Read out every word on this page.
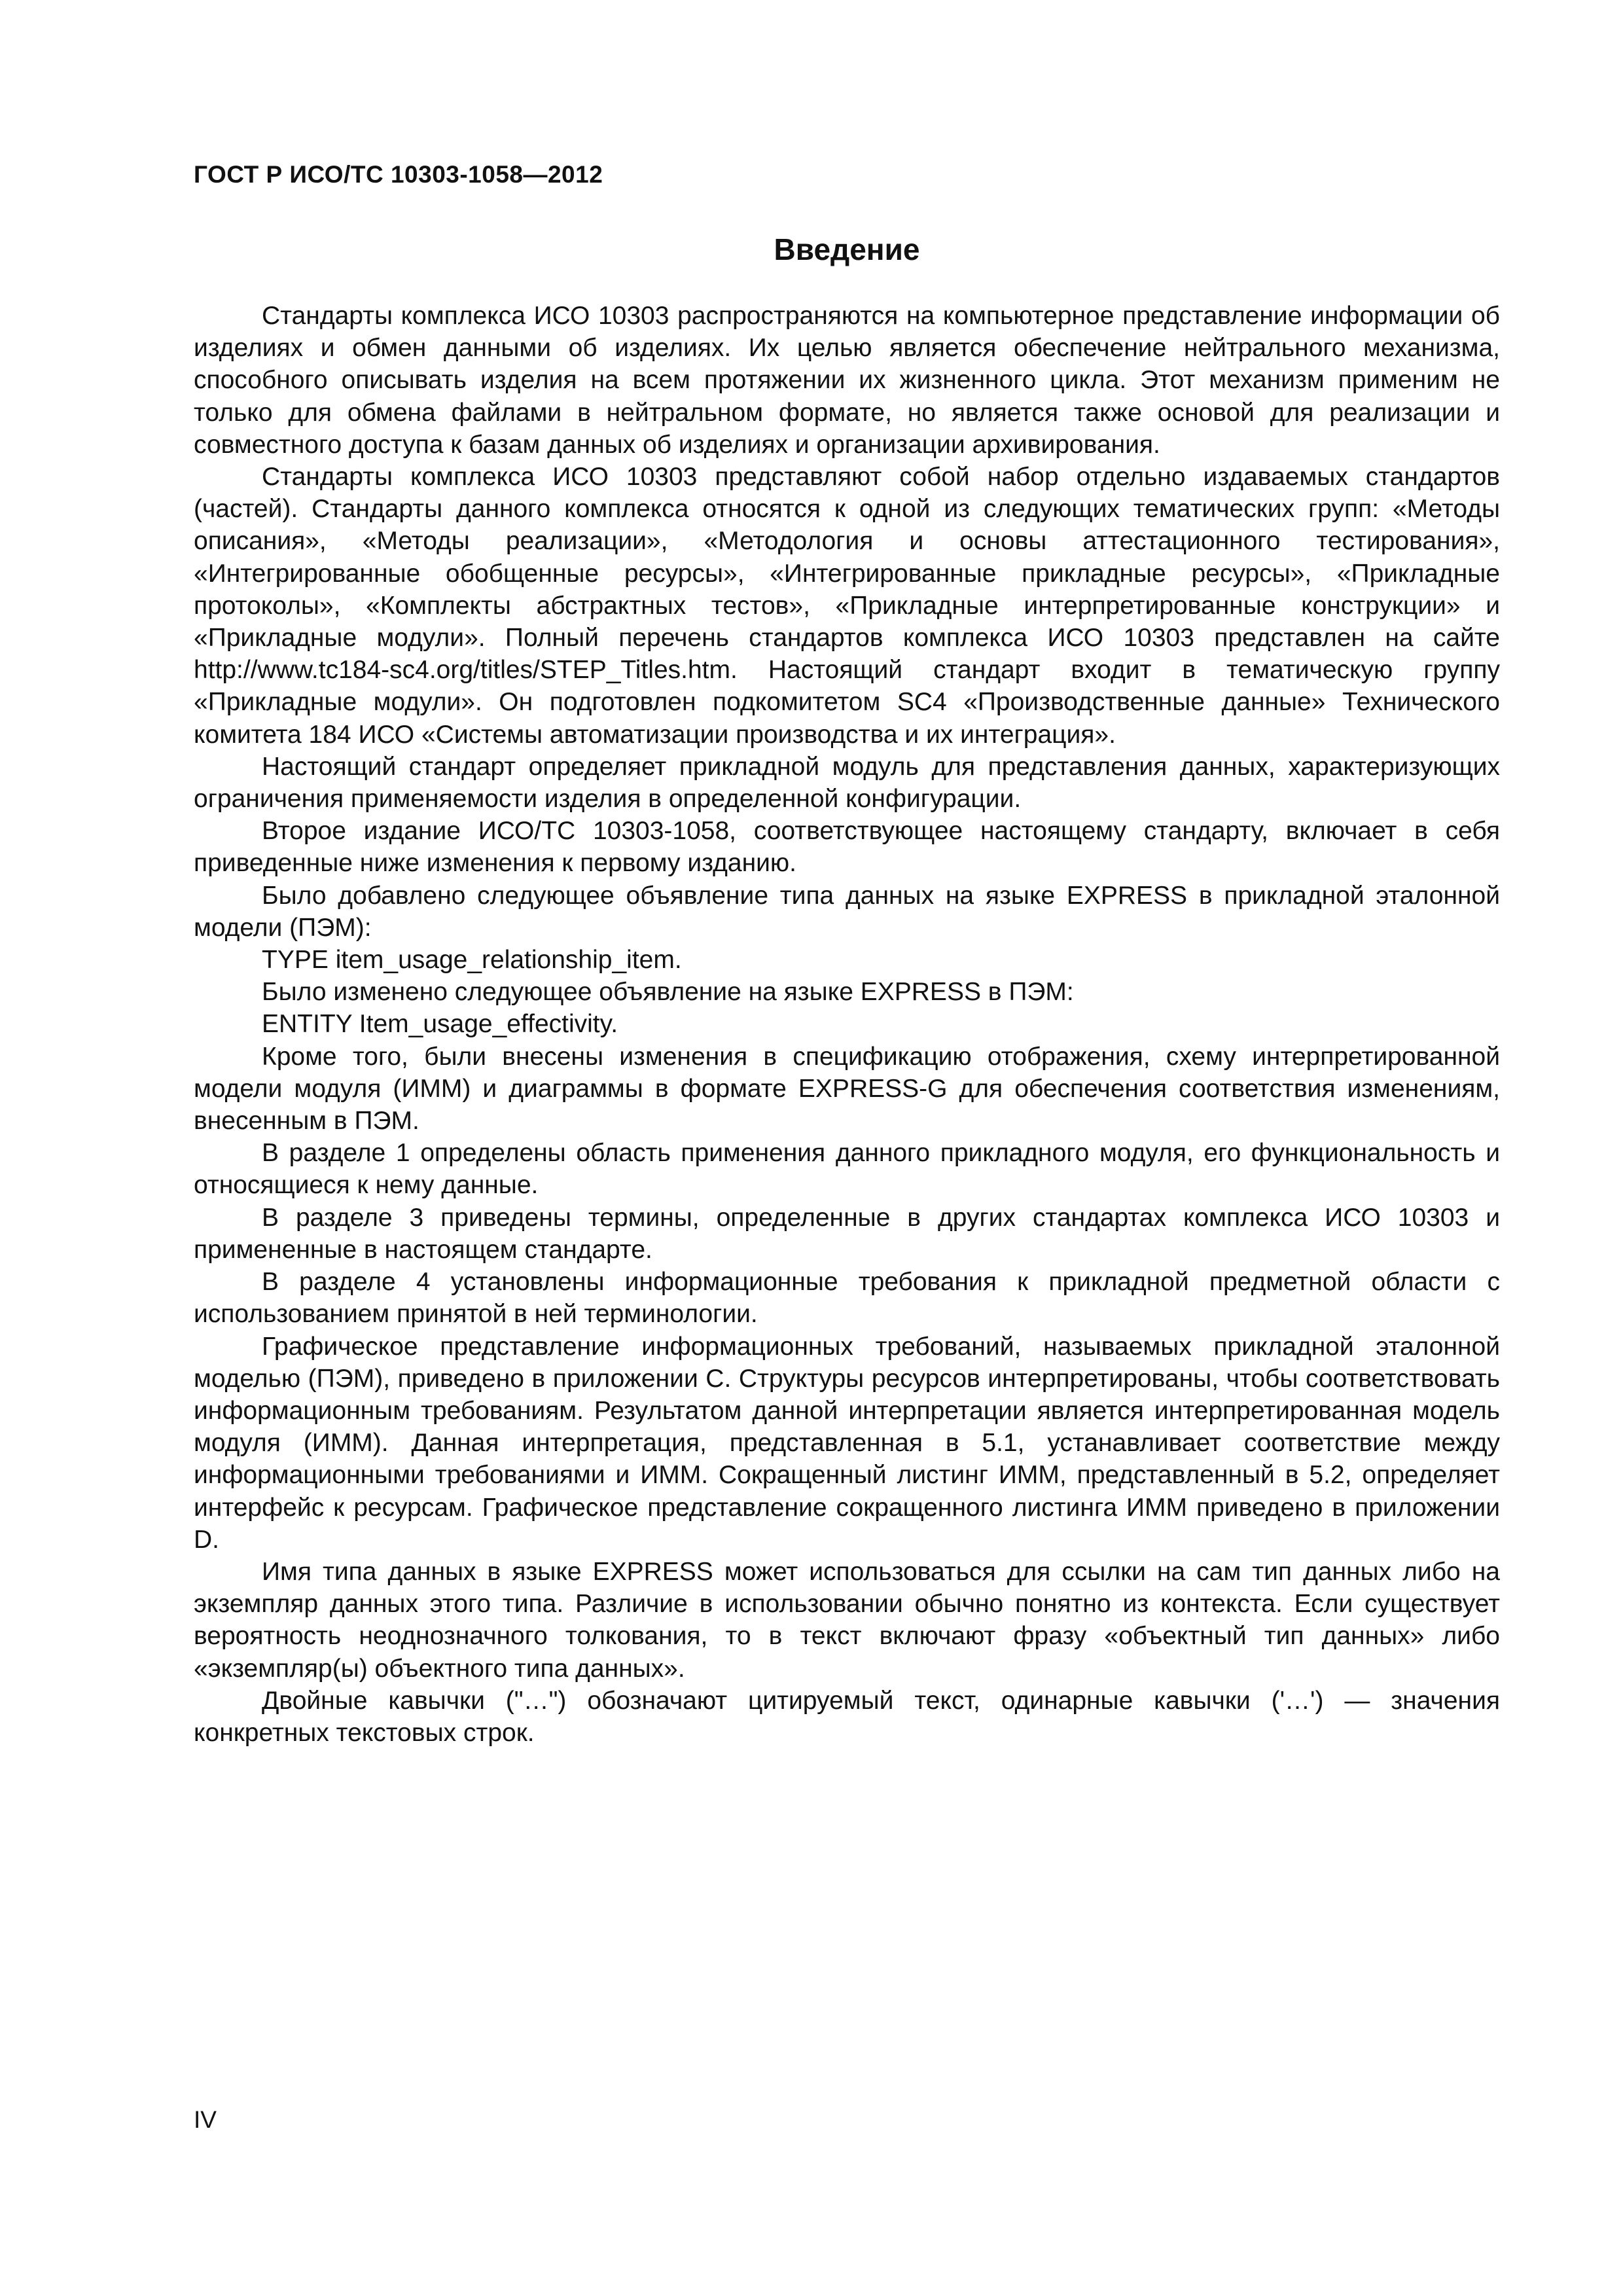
ГОСТ Р ИСО/ТС 10303-1058—2012
Введение

Стандарты комплекса ИСО 10303 распространяются на компьютерное представление информации об изделиях и обмен данными об изделиях. Их целью является обеспечение нейтрального механизма, способного описывать изделия на всем протяжении их жизненного цикла. Этот механизм применим не только для обмена файлами в нейтральном формате, но является также основой для реализации и совместного доступа к базам данных об изделиях и организации архивирования.

Стандарты комплекса ИСО 10303 представляют собой набор отдельно издаваемых стандартов (частей). Стандарты данного комплекса относятся к одной из следующих тематических групп: «Методы описания», «Методы реализации», «Методология и основы аттестационного тестирования», «Интегрированные обобщенные ресурсы», «Интегрированные прикладные ресурсы», «Прикладные протоколы», «Комплекты абстрактных тестов», «Прикладные интерпретированные конструкции» и «Прикладные модули». Полный перечень стандартов комплекса ИСО 10303 представлен на сайте http://www.tc184-sc4.org/titles/STEP_Titles.htm. Настоящий стандарт входит в тематическую группу «Прикладные модули». Он подготовлен подкомитетом SC4 «Производственные данные» Технического комитета 184 ИСО «Системы автоматизации производства и их интеграция».

Настоящий стандарт определяет прикладной модуль для представления данных, характеризующих ограничения применяемости изделия в определенной конфигурации.

Второе издание ИСО/ТС 10303-1058, соответствующее настоящему стандарту, включает в себя приведенные ниже изменения к первому изданию.

Было добавлено следующее объявление типа данных на языке EXPRESS в прикладной эталонной модели (ПЭМ):

TYPE item_usage_relationship_item.

Было изменено следующее объявление на языке EXPRESS в ПЭМ:

ENTITY Item_usage_effectivity.

Кроме того, были внесены изменения в спецификацию отображения, схему интерпретированной модели модуля (ИММ) и диаграммы в формате EXPRESS-G для обеспечения соответствия изменениям, внесенным в ПЭМ.

В разделе 1 определены область применения данного прикладного модуля, его функциональность и относящиеся к нему данные.

В разделе 3 приведены термины, определенные в других стандартах комплекса ИСО 10303 и примененные в настоящем стандарте.

В разделе 4 установлены информационные требования к прикладной предметной области с использованием принятой в ней терминологии.

Графическое представление информационных требований, называемых прикладной эталонной моделью (ПЭМ), приведено в приложении С. Структуры ресурсов интерпретированы, чтобы соответствовать информационным требованиям. Результатом данной интерпретации является интерпретированная модель модуля (ИММ). Данная интерпретация, представленная в 5.1, устанавливает соответствие между информационными требованиями и ИММ. Сокращенный листинг ИММ, представленный в 5.2, определяет интерфейс к ресурсам. Графическое представление сокращенного листинга ИММ приведено в приложении D.

Имя типа данных в языке EXPRESS может использоваться для ссылки на сам тип данных либо на экземпляр данных этого типа. Различие в использовании обычно понятно из контекста. Если существует вероятность неоднозначного толкования, то в текст включают фразу «объектный тип данных» либо «экземпляр(ы) объектного типа данных».

Двойные кавычки ("…") обозначают цитируемый текст, одинарные кавычки ('…') — значения конкретных текстовых строк.

IV
